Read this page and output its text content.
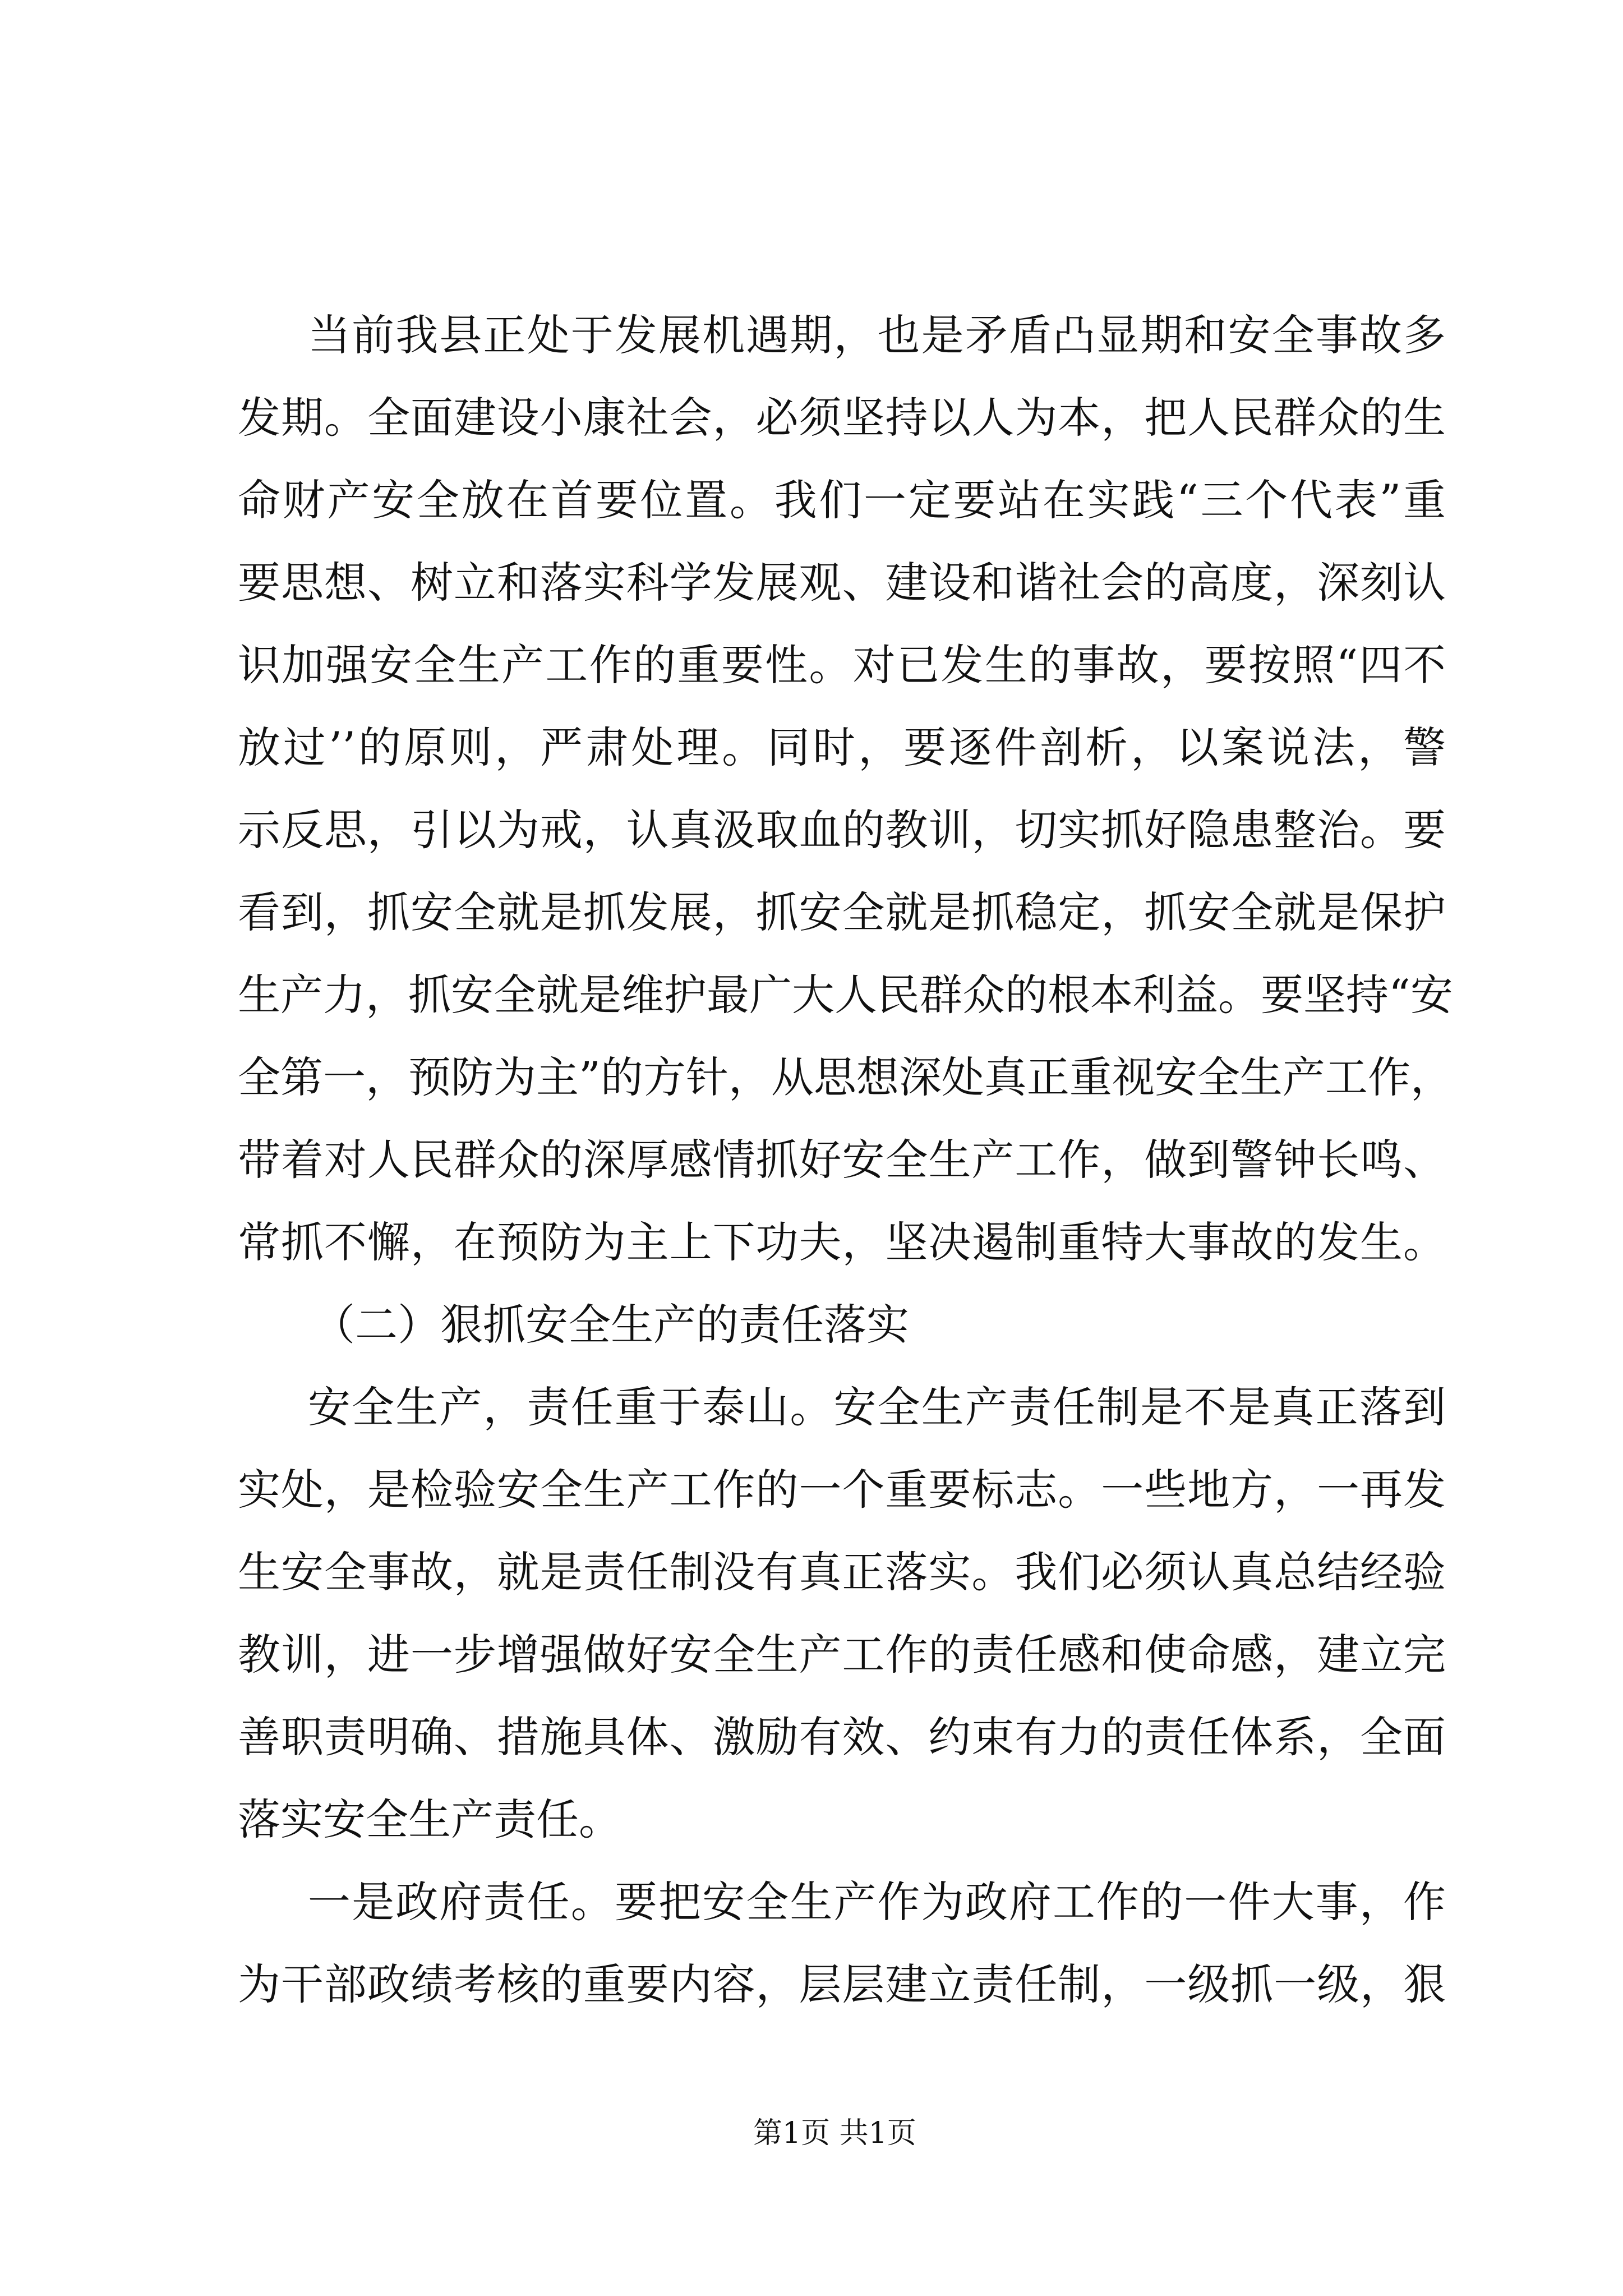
当前我县正处于发展机遇期，也是矛盾凸显期和安全事故多
发期。全面建设小康社会，必须坚持以人为本，把人民群众的生
命财产安全放在首要位置。我们一定要站在实践“三个代表”重
要思想、树立和落实科学发展观、建设和谐社会的高度，深刻认
识加强安全生产工作的重要性。对已发生的事故，要按照“四不
放过’’的原则，严肃处理。同时，要逐件剖析，以案说法，警
示反思，引以为戒，认真汲取血的教训，切实抓好隐患整治。要
看到，抓安全就是抓发展，抓安全就是抓稳定，抓安全就是保护
生产力，抓安全就是维护最广大人民群众的根本利益。要坚持“安
全第一，预防为主”的方针，从思想深处真正重视安全生产工作，
带着对人民群众的深厚感情抓好安全生产工作，做到警钟长鸣、
常抓不懈，在预防为主上下功夫，坚决遏制重特大事故的发生。
（二）狠抓安全生产的责任落实
安全生产，责任重于泰山。安全生产责任制是不是真正落到
实处，是检验安全生产工作的一个重要标志。一些地方，一再发
生安全事故，就是责任制没有真正落实。我们必须认真总结经验
教训，进一步增强做好安全生产工作的责任感和使命感，建立完
善职责明确、措施具体、激励有效、约束有力的责任体系，全面
落实安全生产责任。
一是政府责任。要把安全生产作为政府工作的一件大事，作
为干部政绩考核的重要内容，层层建立责任制，一级抓一级，狠
第1页 共1页
